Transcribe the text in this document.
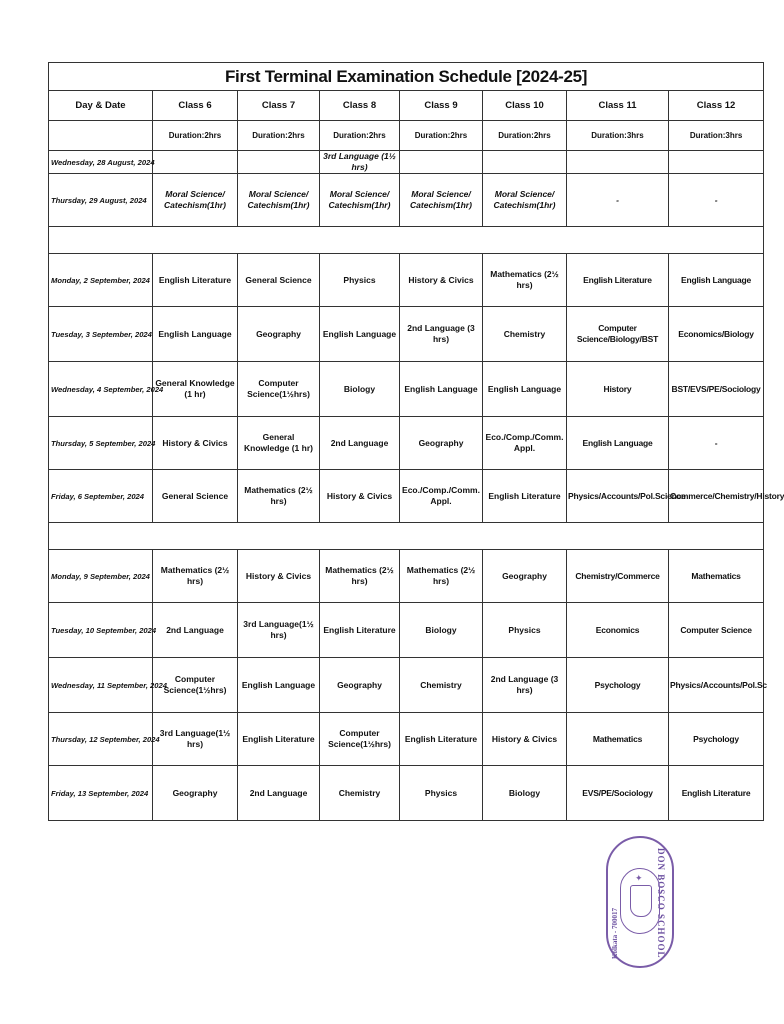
First Terminal Examination Schedule [2024-25]							
Day & Date	Class 6	Class 7	Class 8	Class 9	Class 10	Class 11	Class 12
	Duration:2hrs	Duration:2hrs	Duration:2hrs	Duration:2hrs	Duration:2hrs	Duration:3hrs	Duration:3hrs
Wednesday, 28 August, 2024			3rd Language (1½ hrs)				
Thursday, 29 August, 2024	Moral Science/ Catechism(1hr)	Moral Science/ Catechism(1hr)	Moral Science/ Catechism(1hr)	Moral Science/ Catechism(1hr)	Moral Science/ Catechism(1hr)	-	-

Monday, 2 September, 2024	English Literature	General Science	Physics	History & Civics	Mathematics (2½ hrs)	English Literature	English Language
Tuesday, 3 September, 2024	English Language	Geography	English Language	2nd Language (3 hrs)	Chemistry	Computer Science/Biology/BST	Economics/Biology
Wednesday, 4 September, 2024	General Knowledge (1 hr)	Computer Science(1½hrs)	Biology	English Language	English Language	History	BST/EVS/PE/Sociology
Thursday, 5 September, 2024	History & Civics	General Knowledge (1 hr)	2nd Language	Geography	Eco./Comp./Comm. Appl.	English Language	-
Friday, 6 September, 2024	General Science	Mathematics (2½ hrs)	History & Civics	Eco./Comp./Comm. Appl.	English Literature	Physics/Accounts/Pol.Science	Commerce/Chemistry/History

Monday, 9 September, 2024	Mathematics (2½ hrs)	History & Civics	Mathematics (2½ hrs)	Mathematics (2½ hrs)	Geography	Chemistry/Commerce	Mathematics
Tuesday, 10 September, 2024	2nd Language	3rd Language(1½ hrs)	English Literature	Biology	Physics	Economics	Computer Science
Wednesday, 11 September, 2024	Computer Science(1½hrs)	English Language	Geography	Chemistry	2nd Language (3 hrs)	Psychology	Physics/Accounts/Pol.Sc
Thursday, 12 September, 2024	3rd Language(1½ hrs)	English Literature	Computer Science(1½hrs)	English Literature	History & Civics	Mathematics	Psychology
Friday, 13 September, 2024	Geography	2nd Language	Chemistry	Physics	Biology	EVS/PE/Sociology	English Literature
DON BOSCO SCHOOL
Kolkata - 700017
✦
